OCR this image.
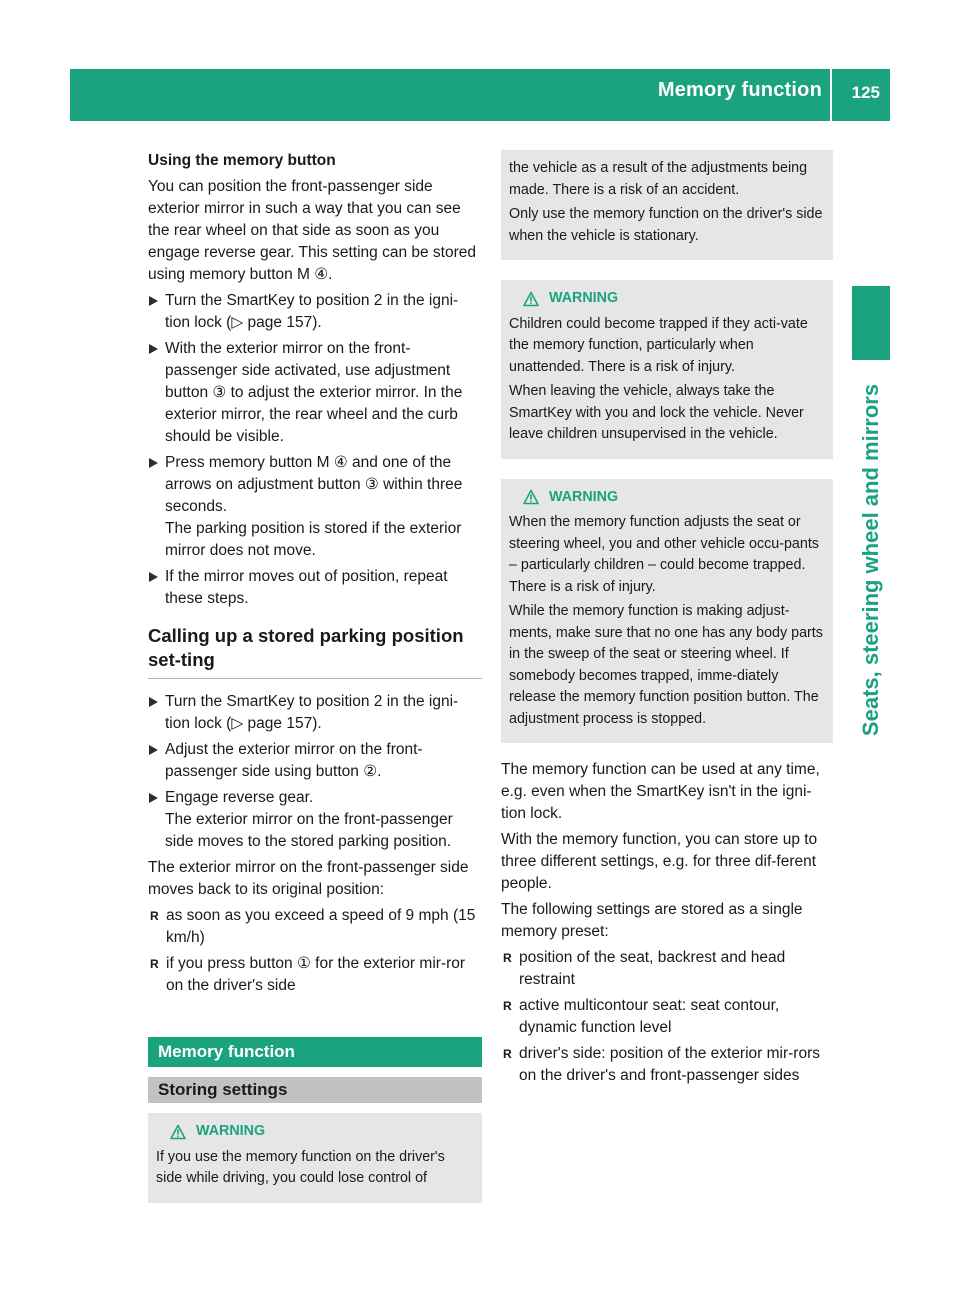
Memory function 125
Seats, steering wheel and mirrors

Using the memory button

You can position the front-passenger side exterior mirror in such a way that you can see the rear wheel on that side as soon as you engage reverse gear. This setting can be stored using memory button M ④.

Turn the SmartKey to position 2 in the igni-tion lock (▷ page 157).
With the exterior mirror on the front-passenger side activated, use adjustment button ③ to adjust the exterior mirror. In the exterior mirror, the rear wheel and the curb should be visible.
Press memory button M ④ and one of the arrows on adjustment button ③ within three seconds.
The parking position is stored if the exterior mirror does not move.
If the mirror moves out of position, repeat these steps.
Calling up a stored parking position set-ting
Turn the SmartKey to position 2 in the igni-tion lock (▷ page 157).
Adjust the exterior mirror on the front-passenger side using button ②.
Engage reverse gear.
The exterior mirror on the front-passenger side moves to the stored parking position.

The exterior mirror on the front-passenger side moves back to its original position:

R as soon as you exceed a speed of 9 mph (15 km/h)
R if you press button ① for the exterior mir-ror on the driver's side
Memory function
Storing settings
WARNING

If you use the memory function on the driver's side while driving, you could lose control of

the vehicle as a result of the adjustments being made. There is a risk of an accident.

Only use the memory function on the driver's side when the vehicle is stationary.

WARNING

Children could become trapped if they acti-vate the memory function, particularly when unattended. There is a risk of injury.

When leaving the vehicle, always take the SmartKey with you and lock the vehicle. Never leave children unsupervised in the vehicle.

WARNING

When the memory function adjusts the seat or steering wheel, you and other vehicle occu-pants – particularly children – could become trapped. There is a risk of injury.

While the memory function is making adjust-ments, make sure that no one has any body parts in the sweep of the seat or steering wheel. If somebody becomes trapped, imme-diately release the memory function position button. The adjustment process is stopped.

The memory function can be used at any time, e.g. even when the SmartKey isn't in the igni-tion lock.

With the memory function, you can store up to three different settings, e.g. for three dif-ferent people.

The following settings are stored as a single memory preset:

R position of the seat, backrest and head restraint
R active multicontour seat: seat contour, dynamic function level
R driver's side: position of the exterior mir-rors on the driver's and front-passenger sides
